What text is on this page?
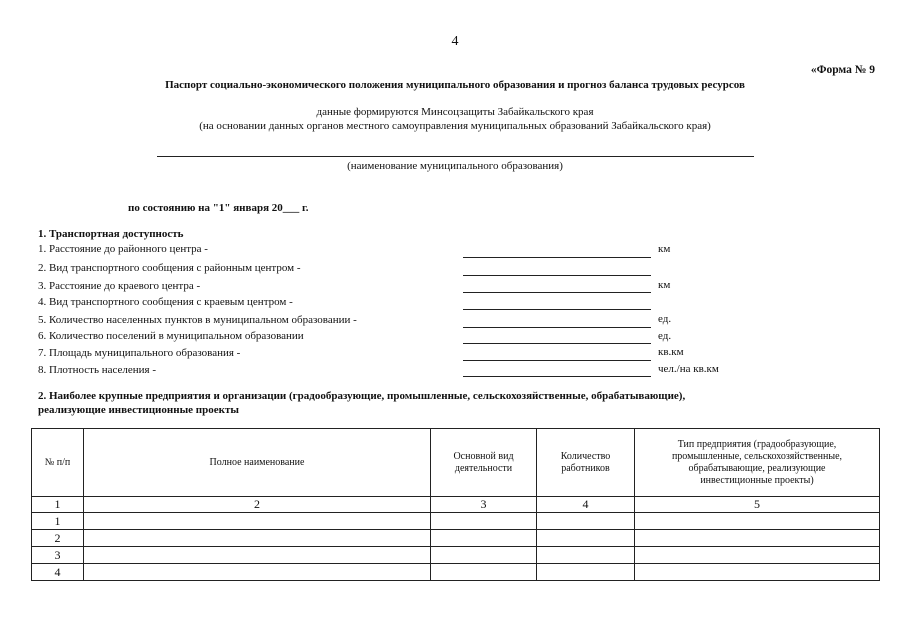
4
«Форма № 9
Паспорт социально-экономического положения муниципального образования и прогноз баланса трудовых ресурсов
данные формируются Минсоцзащиты Забайкальского края
(на основании данных органов местного самоуправления муниципальных образований Забайкальского края)
(наименование муниципального образования)
по состоянию на "1" января 20___ г.
1. Транспортная доступность
1. Расстояние до районного центра -	км
2. Вид транспортного сообщения с районным центром -
3. Расстояние до краевого центра -	км
4. Вид транспортного сообщения с краевым центром -
5. Количество населенных пунктов в муниципальном образовании -	ед.
6. Количество поселений в муниципальном образовании	ед.
7. Площадь муниципального образования -	кв.км
8. Плотность населения -	чел./на кв.км
2. Наиболее крупные предприятия и организации (градообразующие, промышленные, сельскохозяйственные, обрабатывающие),
реализующие инвестиционные проекты
№ п/п	Полное наименование	Основной вид деятельности	Количество работников	Тип предприятия (градообразующие, промышленные, сельскохозяйственные, обрабатывающие, реализующие инвестиционные проекты)
1	2	3	4	5
1				
2				
3				
4				
